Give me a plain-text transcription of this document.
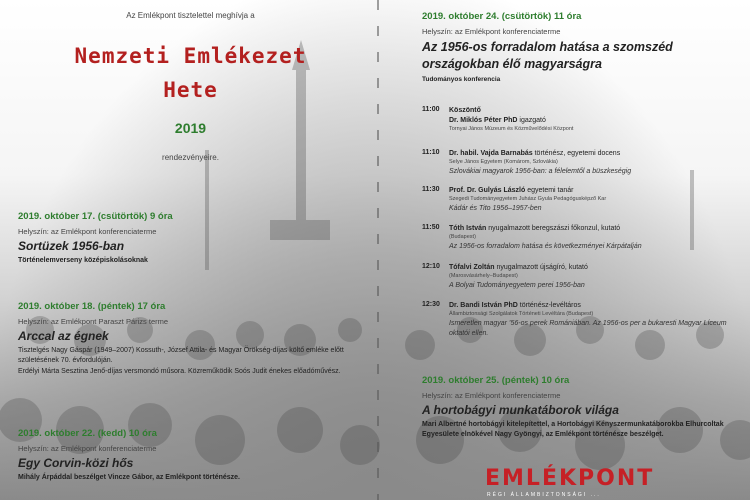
Az Emlékpont tisztelettel meghívja a
Nemzeti Emlékezet
Hete
2019
rendezvényeire.
2019. október 17. (csütörtök) 9 óra
Helyszín: az Emlékpont konferenciaterme
Sortüzek 1956-ban
Történelemverseny középiskolásoknak
2019. október 18. (péntek) 17 óra
Helyszín: az Emlékpont Paraszt Párizs terme
Arccal az égnek
Tisztelgés Nagy Gáspár (1949–2007) Kossuth-, József Attila- és Magyar Örökség-díjas költő emléke előtt születésének 70. évfordulóján.
Erdélyi Márta Sesztina Jenő-díjas versmondó műsora. Közreműködik Soós Judit énekes előadóművész.
2019. október 22. (kedd) 10 óra
Helyszín: az Emlékpont konferenciaterme
Egy Corvin-közi hős
Mihály Árpáddal beszélget Vincze Gábor, az Emlékpont történésze.
2019. október 24. (csütörtök) 11 óra
Helyszín: az Emlékpont konferenciaterme
Az 1956-os forradalom hatása a szomszéd országokban élő magyarságra
Tudományos konferencia
11:00 Köszöntő
Dr. Miklós Péter PhD igazgató
Tornyai János Múzeum és Közművelődési Központ
11:10 Dr. habil. Vajda Barnabás történész, egyetemi docens
Selye János Egyetem (Komárom, Szlovákia)
Szlovákiai magyarok 1956-ban: a félelemtől a büszkeségig
11:30 Prof. Dr. Gulyás László egyetemi tanár
Szegedi Tudományegyetem Juhász Gyula Pedagógusképző Kar
Kádár és Tito 1956–1957-ben
11:50 Tóth István nyugalmazott beregszászi főkonzul, kutató
(Budapest)
Az 1956-os forradalom hatása és következményei Kárpátalján
12:10 Tófalvi Zoltán nyugalmazott újságíró, kutató
(Marosvásárhely–Budapest)
A Bolyai Tudományegyetem perei 1956-ban
12:30 Dr. Bandi István PhD történész-levéltáros
Állambiztonsági Szolgálatok Történeti Levéltára (Budapest)
Ismeretlen magyar ’56-os perek Romániában. Az 1956-os per a bukaresti Magyar Líceum oktatói ellen.
2019. október 25. (péntek) 10 óra
Helyszín: az Emlékpont konferenciaterme
A hortobágyi munkatáborok világa
Mari Albertné hortobágyi kitelepítettel, a Hortobágyi Kényszermunkatáborokba Elhurcoltak Egyesülete elnökével Nagy Gyöngyi, az Emlékpont történésze beszélget.
EMLÉKPONT
RÉGI ÁLLAMBIZTONSÁGI ...
